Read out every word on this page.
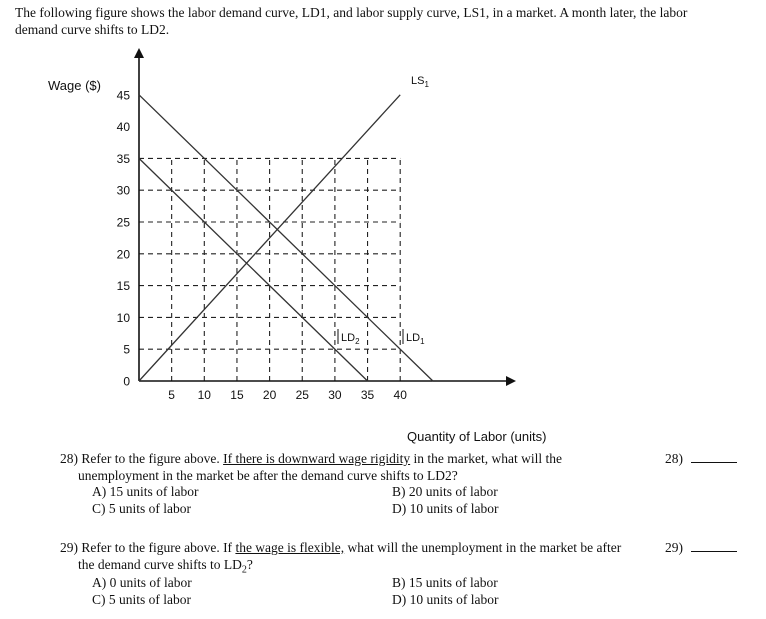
The following figure shows the labor demand curve, LD1, and labor supply curve, LS1, in a market. A month later, the labor
demand curve shifts to LD2.
Wage ($)
Quantity of Labor (units)
45
40
35
30
25
20
15
10
5
0
5 10 15 20 25 30 35 40
$LS_1$
$LD_1$
$LD_2$
28) Refer to the figure above. If there is downward wage rigidity in the market, what will the
unemployment in the market be after the demand curve shifts to LD2?
28)
A) 15 units of labor	B) 20 units of labor
C) 5 units of labor	D) 10 units of labor
29) Refer to the figure above. If the wage is flexible, what will the unemployment in the market be after
the demand curve shifts to $LD_2$?
29)
A) 0 units of labor	B) 15 units of labor
C) 5 units of labor	D) 10 units of labor
